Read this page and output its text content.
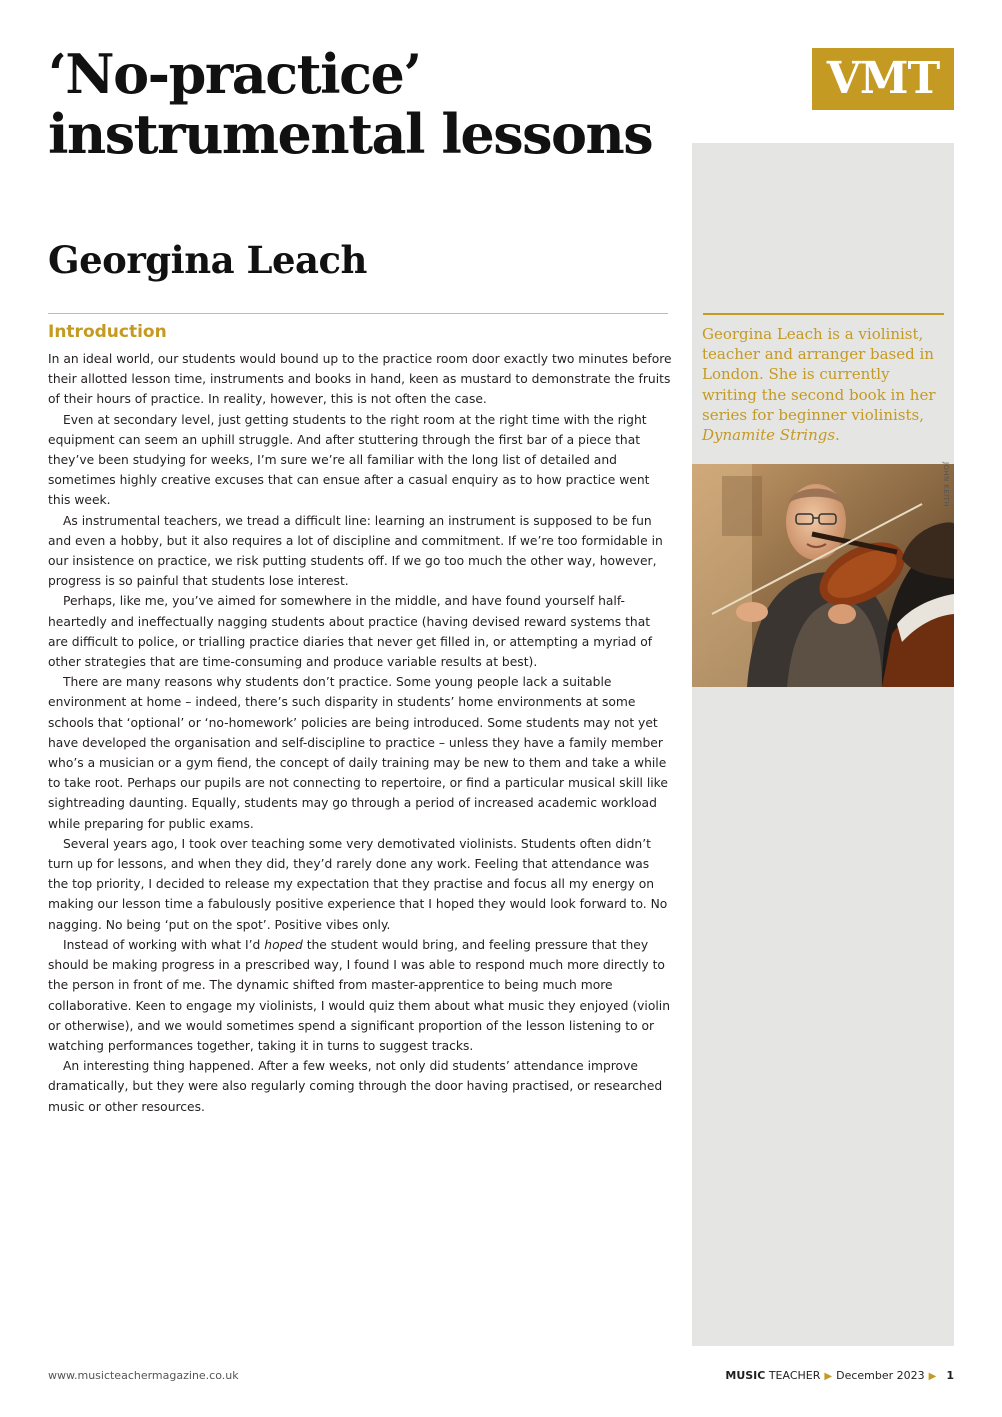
‘No-practice’
instrumental lessons
VMT
Georgina Leach
Georgina Leach is a violinist, teacher and arranger based in London. She is currently writing the second book in her series for beginner violinists, Dynamite Strings.
JOHN KEITH
Introduction

In an ideal world, our students would bound up to the practice room door exactly two minutes before their allotted lesson time, instruments and books in hand, keen as mustard to demonstrate the fruits of their hours of practice. In reality, however, this is not often the case.

Even at secondary level, just getting students to the right room at the right time with the right equipment can seem an uphill struggle. And after stuttering through the first bar of a piece that they’ve been studying for weeks, I’m sure we’re all familiar with the long list of detailed and sometimes highly creative excuses that can ensue after a casual enquiry as to how practice went this week.

As instrumental teachers, we tread a difficult line: learning an instrument is supposed to be fun and even a hobby, but it also requires a lot of discipline and commitment. If we’re too formidable in our insistence on practice, we risk putting students off. If we go too much the other way, however, progress is so painful that students lose interest.

Perhaps, like me, you’ve aimed for somewhere in the middle, and have found yourself half-heartedly and ineffectually nagging students about practice (having devised reward systems that are difficult to police, or trialling practice diaries that never get filled in, or attempting a myriad of other strategies that are time-consuming and produce variable results at best).

There are many reasons why students don’t practice. Some young people lack a suitable environment at home – indeed, there’s such disparity in students’ home environments at some schools that ‘optional’ or ‘no-homework’ policies are being introduced. Some students may not yet have developed the organisation and self-discipline to practice – unless they have a family member who’s a musician or a gym fiend, the concept of daily training may be new to them and take a while to take root. Perhaps our pupils are not connecting to repertoire, or find a particular musical skill like sightreading daunting. Equally, students may go through a period of increased academic workload while preparing for public exams.

Several years ago, I took over teaching some very demotivated violinists. Students often didn’t turn up for lessons, and when they did, they’d rarely done any work. Feeling that attendance was the top priority, I decided to release my expectation that they practise and focus all my energy on making our lesson time a fabulously positive experience that I hoped they would look forward to. No nagging. No being ‘put on the spot’. Positive vibes only.

Instead of working with what I’d hoped the student would bring, and feeling pressure that they should be making progress in a prescribed way, I found I was able to respond much more directly to the person in front of me. The dynamic shifted from master-apprentice to being much more collaborative. Keen to engage my violinists, I would quiz them about what music they enjoyed (violin or otherwise), and we would sometimes spend a significant proportion of the lesson listening to or watching performances together, taking it in turns to suggest tracks.

An interesting thing happened. After a few weeks, not only did students’ attendance improve dramatically, but they were also regularly coming through the door having practised, or researched music or other resources.

www.musicteachermagazine.co.uk	MUSIC TEACHER ▶ December 2023 ▶ 1
